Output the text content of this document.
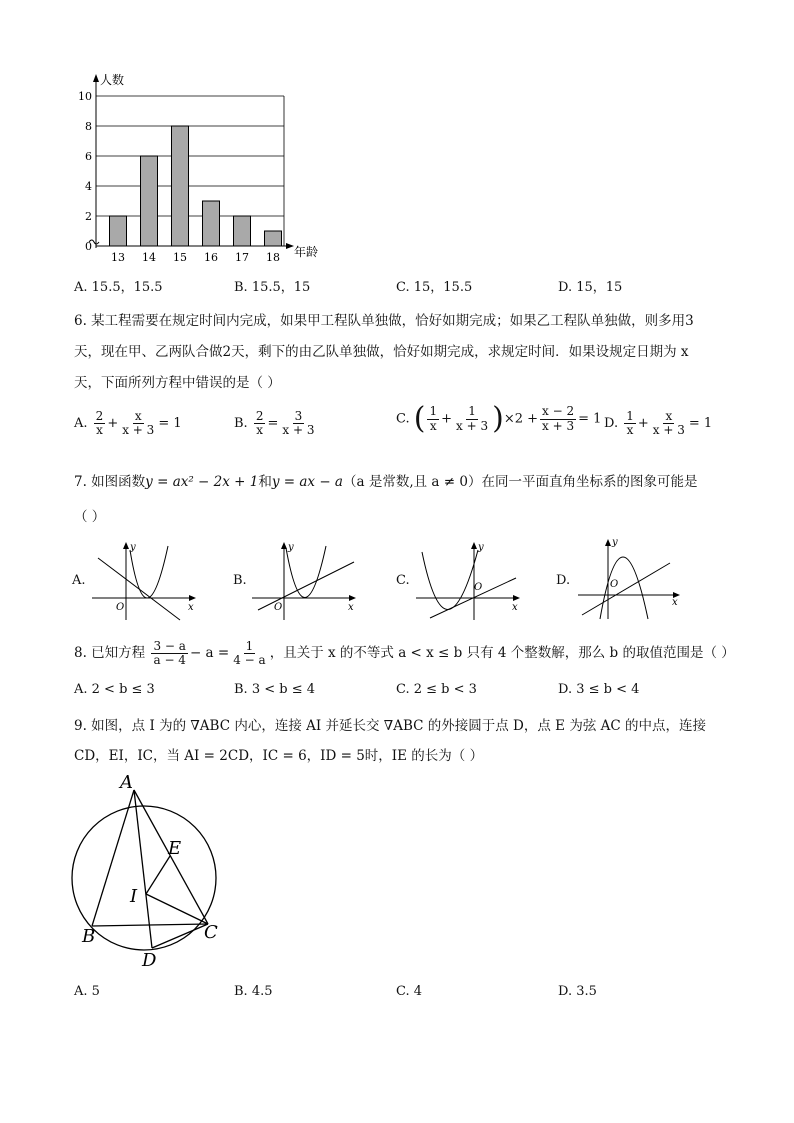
0
2
4
6
8
10
13 14 15 16 17 18
人数
年龄
A. 15.5，15.5	B. 15.5，15	C. 15，15.5	D. 15，15
6. 某工程需要在规定时间内完成，如果甲工程队单独做，恰好如期完成；如果乙工程队单独做，则多用3
天，现在甲、乙两队合做2天，剩下的由乙队单独做，恰好如期完成，求规定时间．如果设规定日期为 x
天，下面所列方程中错误的是（ ）
A. $\frac{2}{x} + \frac{x}{x + 3} = 1$	B. $\frac{2}{x} = \frac{3}{x + 3}$	C. ( $\frac{1}{x} + \frac{1}{x + 3} )\times 2 + \frac{x - 2}{x + 3} = 1$ D. $\frac{1}{x} + \frac{x}{x + 3} = 1$
7. 如图函数y = ax² − 2x + 1和y = ax − a（a 是常数,且 a ≠ 0）在同一平面直角坐标系的图象可能是
（ ）
A.	B.	C.	D.
y
x
O
y
x
O
y
x
O
y
x
O
8. 已知方程 $\frac{3 - a}{a - 4} - a = \frac{1}{4 - a}$ ，且关于 x 的不等式 a < x ≤ b 只有 4 个整数解，那么 b 的取值范围是（ ）
A. 2 < b ≤ 3	B. 3 < b ≤ 4	C. 2 ≤ b < 3	D. 3 ≤ b < 4
9. 如图，点 I 为的 ∇ABC 内心，连接 AI 并延长交 ∇ABC 的外接圆于点 D，点 E 为弦 AC 的中点，连接
CD，EI，IC，当 AI = 2CD，IC = 6，ID = 5时，IE 的长为（ ）
A
B	C
D
E
I
A. 5	B. 4.5	C. 4	D. 3.5
